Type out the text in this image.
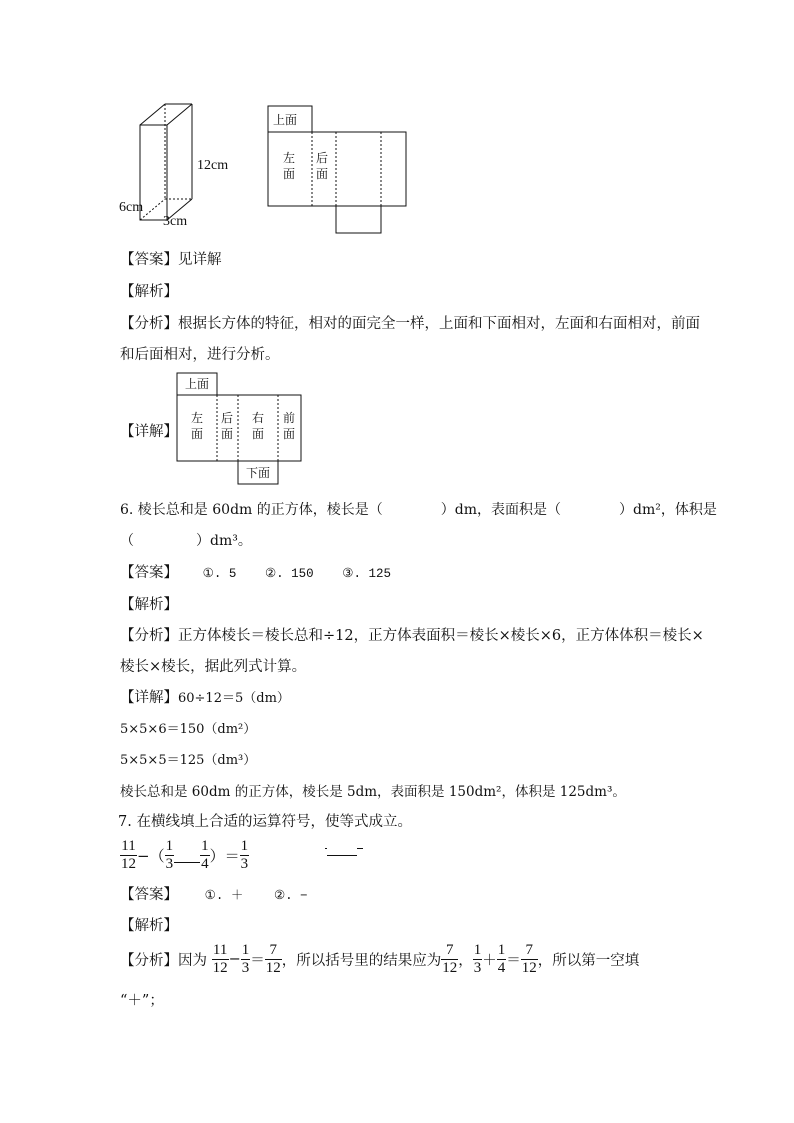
12cm
6cm
3cm
上面
左
面
后
面
【答案】见详解
【解析】
【分析】根据长方体的特征，相对的面完全一样，上面和下面相对，左面和右面相对，前面
和后面相对，进行分析。
【详解】
上面
左
面
后
面
右
面
前
面
下面
6. 棱长总和是 60dm 的正方体，棱长是（	）dm，表面积是（	）dm²，体积是
（	）dm³。
【答案】 ①. 5 ②. 150 ③. 125
【解析】
【分析】正方体棱长＝棱长总和÷12，正方体表面积＝棱长×棱长×6，正方体体积＝棱长×
棱长×棱长，据此列式计算。
【详解】60÷12＝5（dm）
5×5×6＝150（dm²）
5×5×5＝125（dm³）
棱长总和是 60dm 的正方体，棱长是 5dm，表面积是 150dm²，体积是 125dm³。
7. 在横线填上合适的运算符号，使等式成立。
$\frac{11}{12}$ −（ $\frac{1}{3} \frac{1}{4}$ ）＝ $\frac{1}{3}$
【答案】 ①. ＋ ②. −
【解析】
【分析】因为 $\frac{11}{12} - \frac{1}{3} = \frac{7}{12}$ ，所以括号里的结果应为 $\frac{7}{12}$ ， $\frac{1}{3} + \frac{1}{4} = \frac{7}{12}$ ，所以第一空填
“＋”；
